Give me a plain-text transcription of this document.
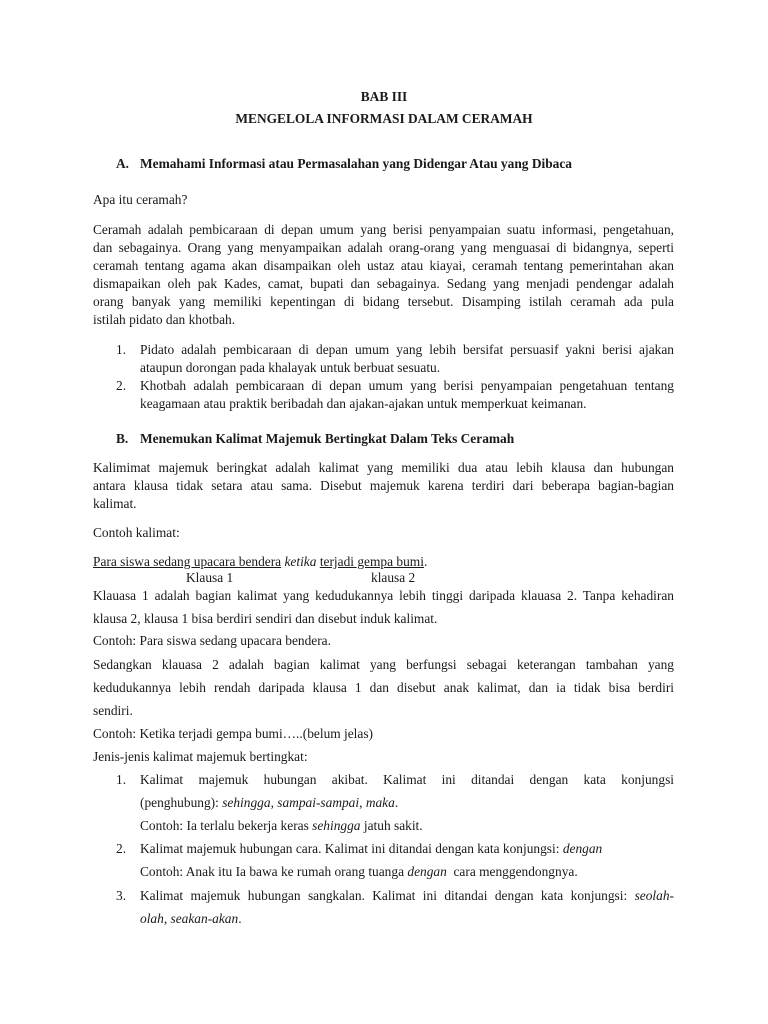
BAB III
MENGELOLA INFORMASI DALAM CERAMAH
A. Memahami Informasi atau Permasalahan yang Didengar Atau yang Dibaca
Apa itu ceramah?
Ceramah adalah pembicaraan di depan umum yang berisi penyampaian suatu informasi, pengetahuan,
dan sebagainya. Orang yang menyampaikan adalah orang-orang yang menguasai di bidangnya, seperti
ceramah tentang agama akan disampaikan oleh ustaz atau kiayai, ceramah tentang pemerintahan akan
dismapaikan oleh pak Kades, camat, bupati dan sebagainya. Sedang yang menjadi pendengar adalah
orang banyak yang memiliki kepentingan di bidang tersebut. Disamping istilah ceramah ada pula
istilah pidato dan khotbah.
1. Pidato adalah pembicaraan di depan umum yang lebih bersifat persuasif yakni berisi ajakan
ataupun dorongan pada khalayak untuk berbuat sesuatu.
2. Khotbah adalah pembicaraan di depan umum yang berisi penyampaian pengetahuan tentang
keagamaan atau praktik beribadah dan ajakan-ajakan untuk memperkuat keimanan.
B. Menemukan Kalimat Majemuk Bertingkat Dalam Teks Ceramah
Kalimimat majemuk beringkat adalah kalimat yang memiliki dua atau lebih klausa dan hubungan
antara klausa tidak setara atau sama. Disebut majemuk karena terdiri dari beberapa bagian-bagian
kalimat.
Contoh kalimat:
Para siswa sedang upacara bendera ketika terjadi gempa bumi.
Klausa 1	klausa 2
Klauasa 1 adalah bagian kalimat yang kedudukannya lebih tinggi daripada klauasa 2. Tanpa kehadiran
klausa 2, klausa 1 bisa berdiri sendiri dan disebut induk kalimat.
Contoh: Para siswa sedang upacara bendera.
Sedangkan klauasa 2 adalah bagian kalimat yang berfungsi sebagai keterangan tambahan yang
kedudukannya lebih rendah daripada klausa 1 dan disebut anak kalimat, dan ia tidak bisa berdiri
sendiri.
Contoh: Ketika terjadi gempa bumi…..(belum jelas)
Jenis-jenis kalimat majemuk bertingkat:
1. Kalimat majemuk hubungan akibat. Kalimat ini ditandai dengan kata konjungsi
(penghubung): sehingga, sampai-sampai, maka.
Contoh: Ia terlalu bekerja keras sehingga jatuh sakit.
2. Kalimat majemuk hubungan cara. Kalimat ini ditandai dengan kata konjungsi: dengan
Contoh: Anak itu Ia bawa ke rumah orang tuanga dengan  cara menggendongnya.
3. Kalimat majemuk hubungan sangkalan. Kalimat ini ditandai dengan kata konjungsi: seolah-
olah, seakan-akan.
